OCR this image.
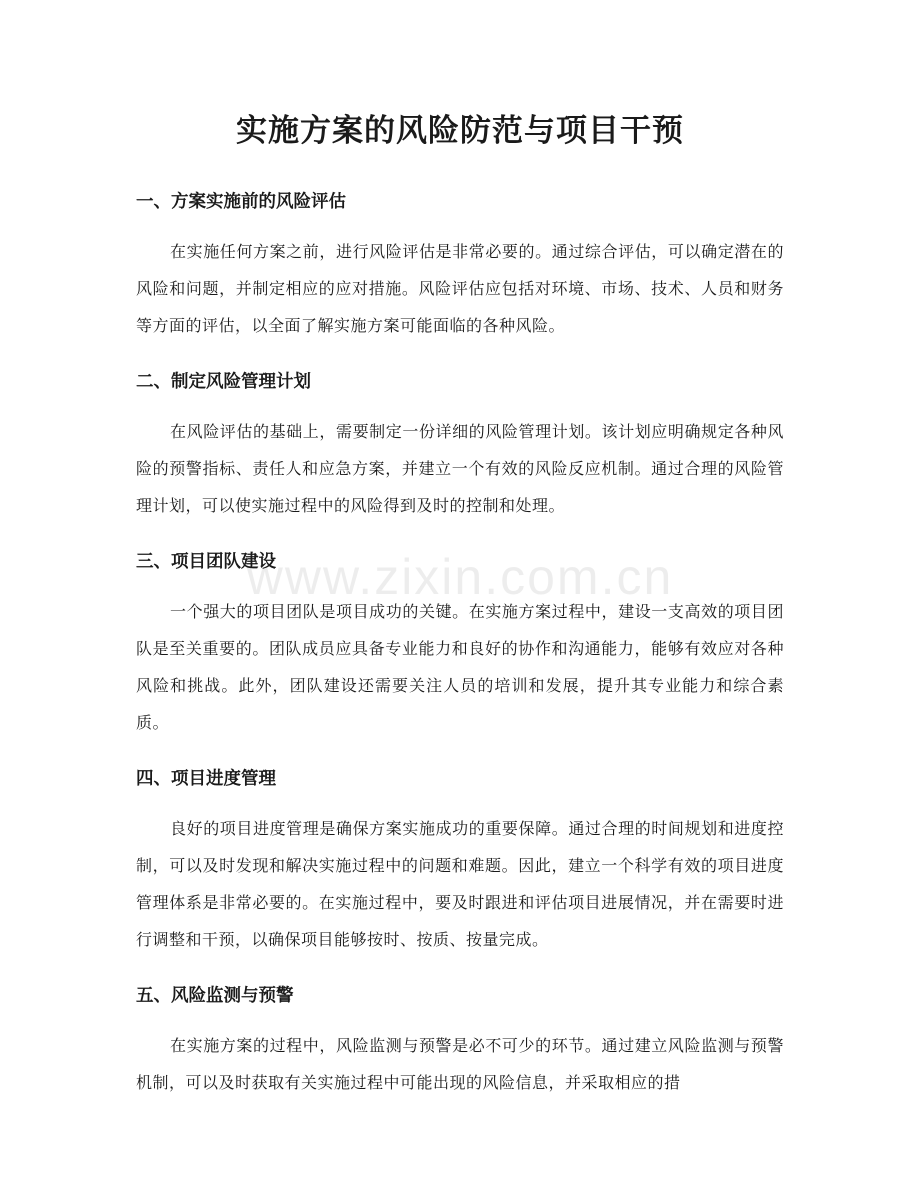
实施方案的风险防范与项目干预
www.zixin.com.cn
一、方案实施前的风险评估

在实施任何方案之前，进行风险评估是非常必要的。通过综合评估，可以确定潜在的风险和问题，并制定相应的应对措施。风险评估应包括对环境、市场、技术、人员和财务等方面的评估，以全面了解实施方案可能面临的各种风险。

二、制定风险管理计划

在风险评估的基础上，需要制定一份详细的风险管理计划。该计划应明确规定各种风险的预警指标、责任人和应急方案，并建立一个有效的风险反应机制。通过合理的风险管理计划，可以使实施过程中的风险得到及时的控制和处理。

三、项目团队建设

一个强大的项目团队是项目成功的关键。在实施方案过程中，建设一支高效的项目团队是至关重要的。团队成员应具备专业能力和良好的协作和沟通能力，能够有效应对各种风险和挑战。此外，团队建设还需要关注人员的培训和发展，提升其专业能力和综合素质。

四、项目进度管理

良好的项目进度管理是确保方案实施成功的重要保障。通过合理的时间规划和进度控制，可以及时发现和解决实施过程中的问题和难题。因此，建立一个科学有效的项目进度管理体系是非常必要的。在实施过程中，要及时跟进和评估项目进展情况，并在需要时进行调整和干预，以确保项目能够按时、按质、按量完成。

五、风险监测与预警

在实施方案的过程中，风险监测与预警是必不可少的环节。通过建立风险监测与预警机制，可以及时获取有关实施过程中可能出现的风险信息，并采取相应的措
